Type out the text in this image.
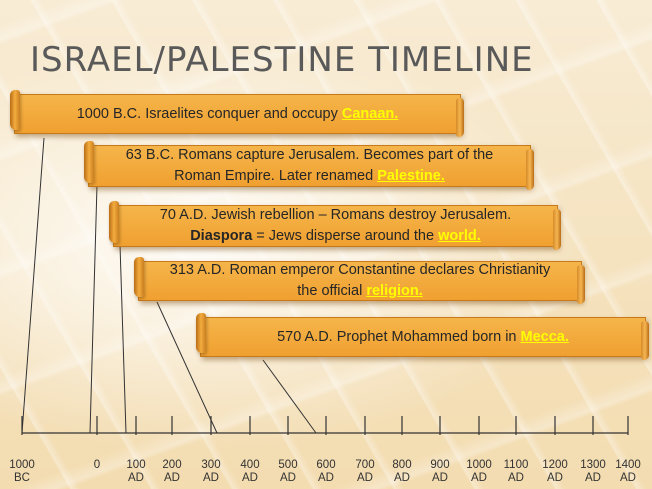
ISRAEL/PALESTINE TIMELINE
1000 B.C. Israelites conquer and occupy Canaan.
63 B.C. Romans capture Jerusalem. Becomes part of the
Roman Empire. Later renamed Palestine.
70 A.D. Jewish rebellion – Romans destroy Jerusalem.
Diaspora = Jews disperse around the world.
313 A.D. Roman emperor Constantine declares Christianity
the official religion.
570 A.D. Prophet Mohammed born in Mecca.
1000
BC
0	100
AD
200
AD
300
AD
400
AD
500
AD
600
AD
700
AD
800
AD
900
AD
1000
AD
1100
AD
1200
AD
1300
AD
1400
AD
